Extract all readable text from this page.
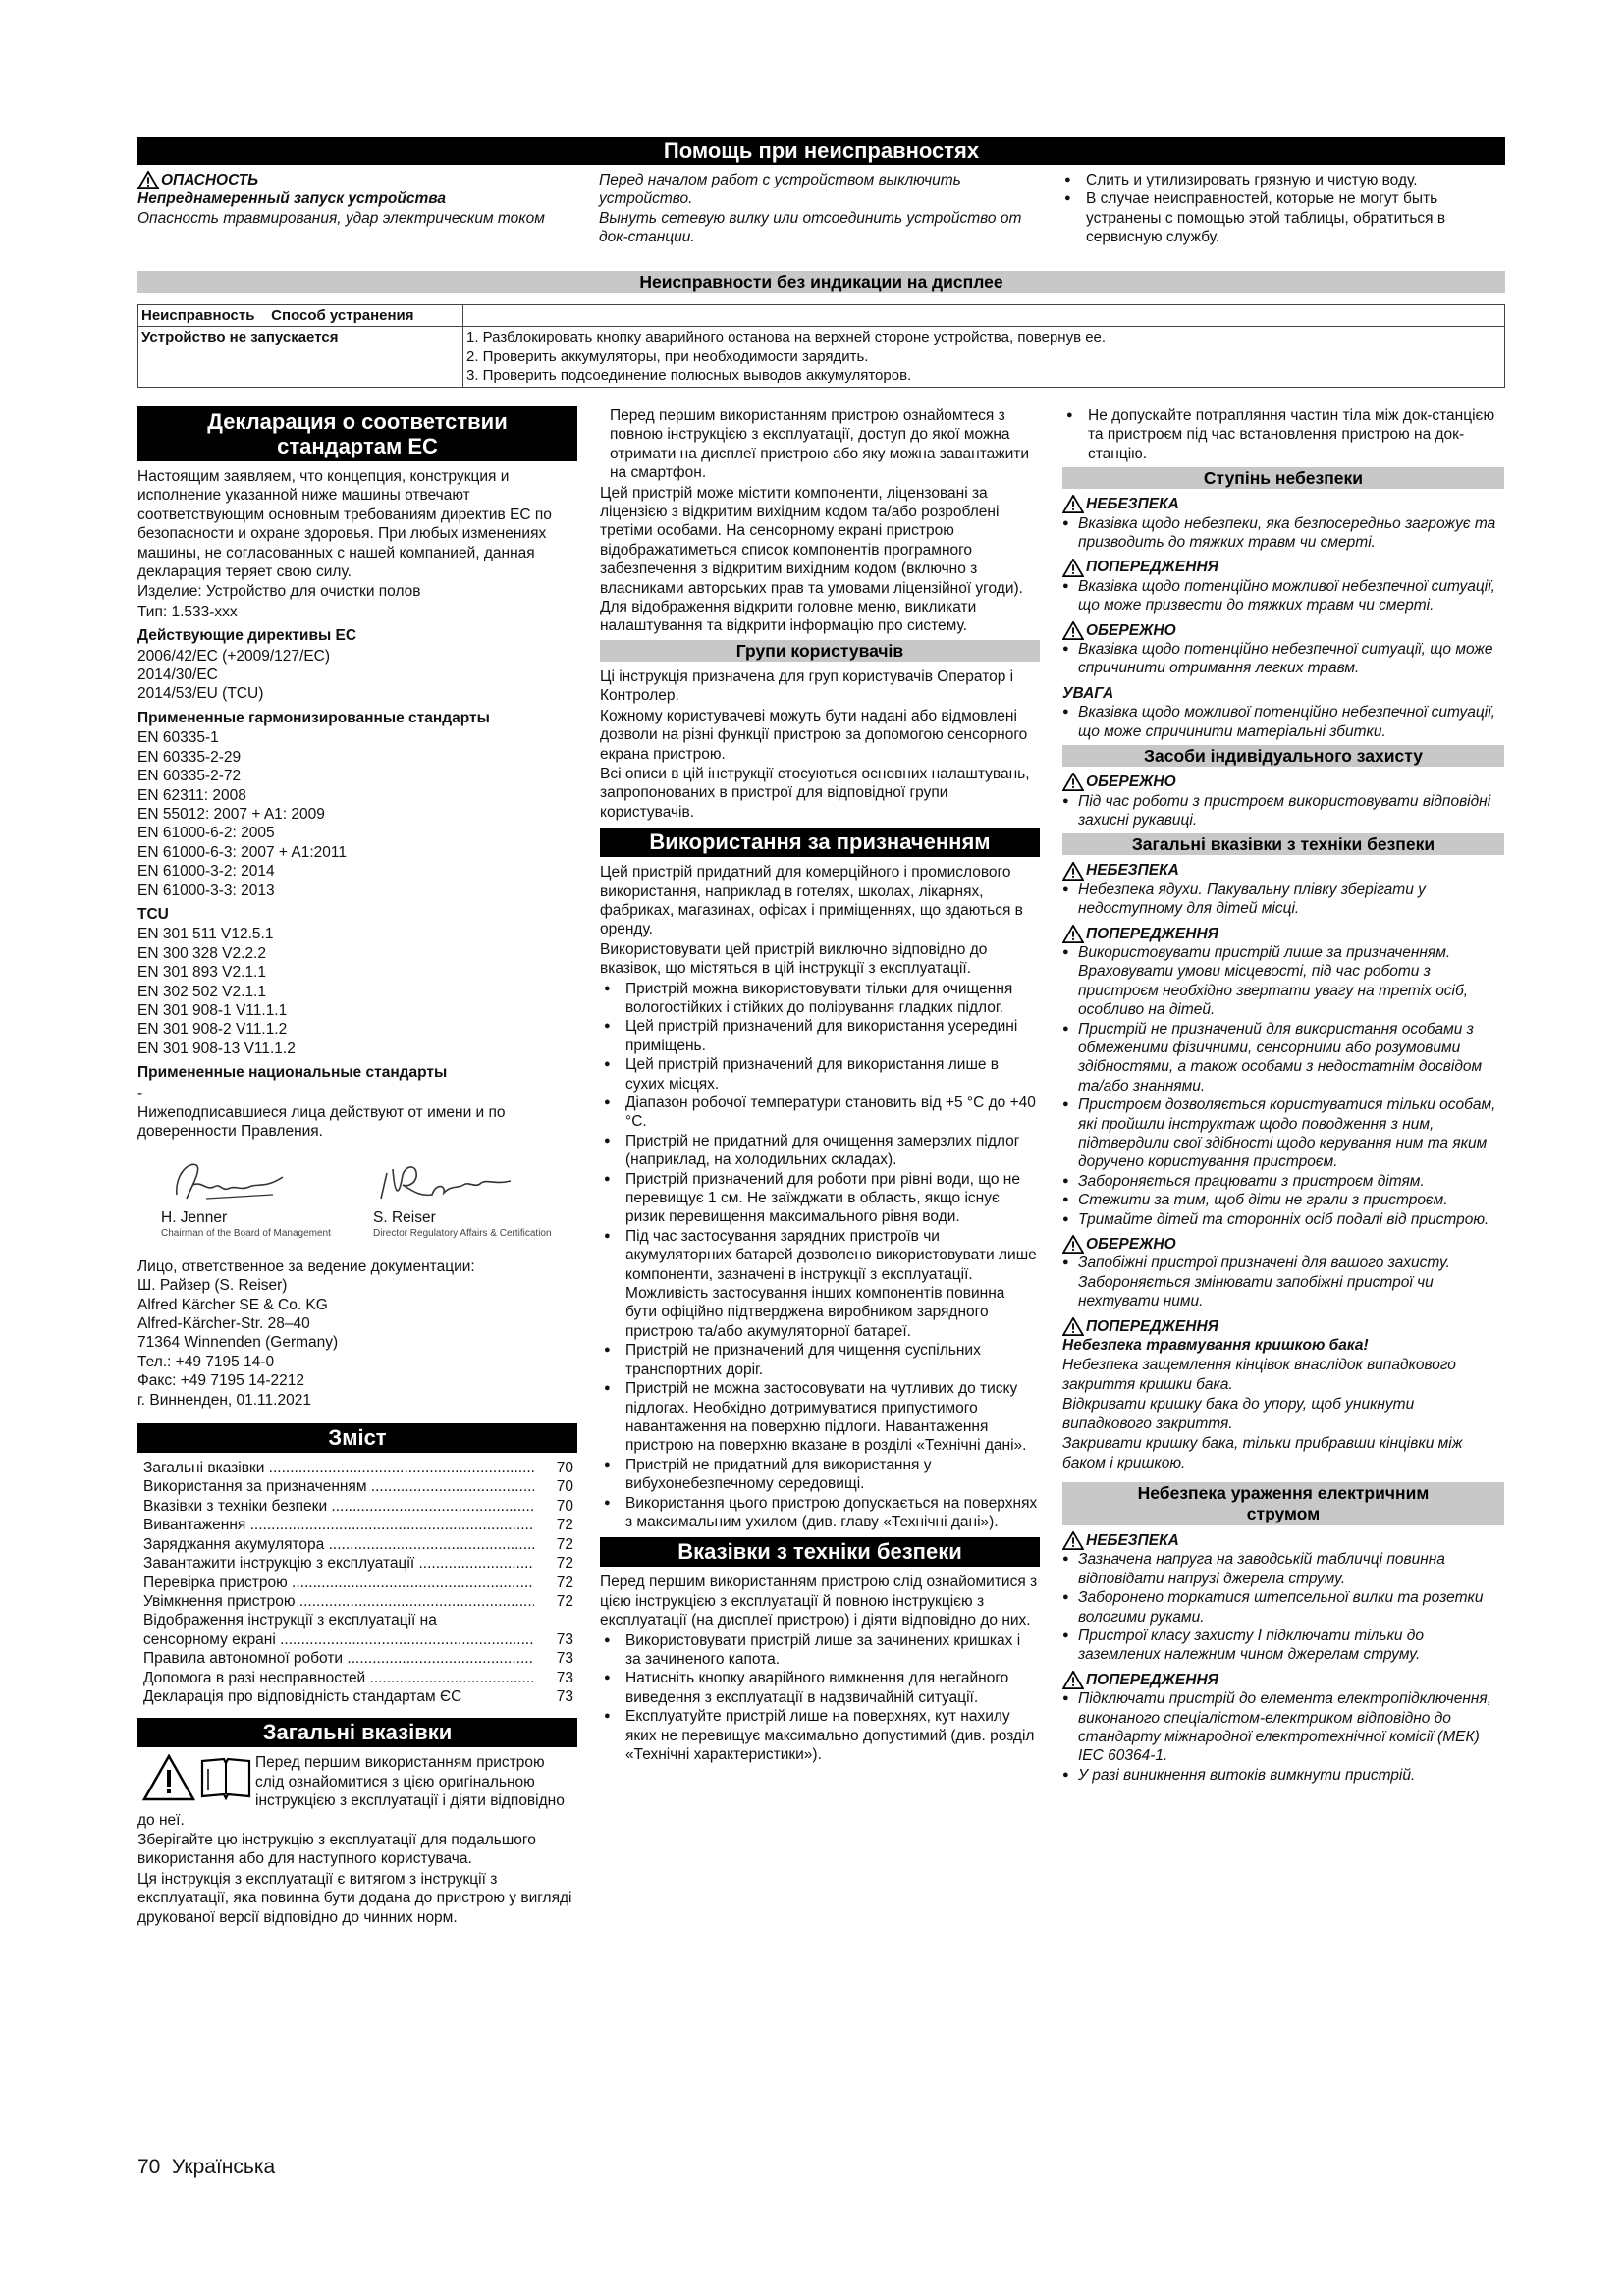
Помощь при неисправностях
ОПАСНОСТЬ
Непреднамеренный запуск устройства
Опасность травмирования, удар электрическим током
Перед началом работ с устройством выключить устройство.
Вынуть сетевую вилку или отсоединить устройство от док-станции.
● Слить и утилизировать грязную и чистую воду.
● В случае неисправностей, которые не могут быть устранены с помощью этой таблицы, обратиться в сервисную службу.
Неисправности без индикации на дисплее
Неисправность Способ устранения	
Устройство не запускается	1. Разблокировать кнопку аварийного останова на верхней стороне устройства, повернув ее.
2. Проверить аккумуляторы, при необходимости зарядить.
3. Проверить подсоединение полюсных выводов аккумуляторов.
Декларация о соответствии стандартам ЕС

Настоящим заявляем, что концепция, конструкция и исполнение указанной ниже машины отвечают соответствующим основным требованиям директив ЕС по безопасности и охране здоровья. При любых изменениях машины, не согласованных с нашей компанией, данная декларация теряет свою силу.

Изделие: Устройство для очистки полов

Тип: 1.533-xxx

Действующие директивы ЕС

2006/42/EC (+2009/127/EC)
2014/30/EC
2014/53/EU (TCU)

Примененные гармонизированные стандарты

EN 60335-1
EN 60335-2-29
EN 60335-2-72
EN 62311: 2008
EN 55012: 2007 + A1: 2009
EN 61000-6-2: 2005
EN 61000-6-3: 2007 + A1:2011
EN 61000-3-2: 2014
EN 61000-3-3: 2013

TCU

EN 301 511 V12.5.1
EN 300 328 V2.2.2
EN 301 893 V2.1.1
EN 302 502 V2.1.1
EN 301 908-1 V11.1.1
EN 301 908-2 V11.1.2
EN 301 908-13 V11.1.2

Примененные национальные стандарты

-

Нижеподписавшиеся лица действуют от имени и по доверенности Правления.

H. Jenner
Chairman of the Board of Management
S. Reiser
Director Regulatory Affairs & Certification
Лицо, ответственное за ведение документации:
Ш. Райзер (S. Reiser)
Alfred Kärcher SE & Co. KG
Alfred-Kärcher-Str. 28–40
71364 Winnenden (Germany)
Тел.: +49 7195 14-0
Факс: +49 7195 14-2212
г. Винненден, 01.11.2021
Зміст
Загальні вказівки .....	70
Використання за призначенням .....	70
Вказівки з техніки безпеки .....	70
Вивантаження .....	72
Заряджання акумулятора .....	72
Завантажити інструкцію з експлуатації .....	72
Перевірка пристрою .....	72
Увімкнення пристрою .....	72
Відображення інструкції з експлуатації на
сенсорному екрані .....	73
Правила автономної роботи .....	73
Допомога в разі несправностей .....	73
Декларація про відповідність стандартам ЄС	73
Загальні вказівки

Перед першим використанням пристрою слід ознайомитися з цією оригінальною інструкцією з експлуатації і діяти відповідно до неї.

Зберігайте цю інструкцію з експлуатації для подальшого використання або для наступного користувача.

Ця інструкція з експлуатації є витягом з інструкції з експлуатації, яка повинна бути додана до пристрою у вигляді друкованої версії відповідно до чинних норм.

Перед першим використанням пристрою ознайомтеся з повною інструкцією з експлуатації, доступ до якої можна отримати на дисплеї пристрою або яку можна завантажити на смартфон.

Цей пристрій може містити компоненти, ліцензовані за ліцензією з відкритим вихідним кодом та/або розроблені третіми особами. На сенсорному екрані пристрою відображатиметься список компонентів програмного забезпечення з відкритим вихідним кодом (включно з власниками авторських прав та умовами ліцензійної угоди). Для відображення відкрити головне меню, викликати налаштування та відкрити інформацію про систему.

Групи користувачів

Ці інструкція призначена для груп користувачів Оператор і Контролер.

Кожному користувачеві можуть бути надані або відмовлені дозволи на різні функції пристрою за допомогою сенсорного екрана пристрою.

Всі описи в цій інструкції стосуються основних налаштувань, запропонованих в пристрої для відповідної групи користувачів.

Використання за призначенням

Цей пристрій придатний для комерційного і промислового використання, наприклад в готелях, школах, лікарнях, фабриках, магазинах, офісах і приміщеннях, що здаються в оренду.

Використовувати цей пристрій виключно відповідно до вказівок, що містяться в цій інструкції з експлуатації.

● Пристрій можна використовувати тільки для очищення вологостійких і стійких до полірування гладких підлог.
● Цей пристрій призначений для використання усередині приміщень.
● Цей пристрій призначений для використання лише в сухих місцях.
● Діапазон робочої температури становить від +5 °С до +40 °С.
● Пристрій не придатний для очищення замерзлих підлог (наприклад, на холодильних складах).
● Пристрій призначений для роботи при рівні води, що не перевищує 1 см. Не заїжджати в область, якщо існує ризик перевищення максимального рівня води.
● Під час застосування зарядних пристроїв чи акумуляторних батарей дозволено використовувати лише компоненти, зазначені в інструкції з експлуатації. Можливість застосування інших компонентів повинна бути офіційно підтверджена виробником зарядного пристрою та/або акумуляторної батареї.
● Пристрій не призначений для чищення суспільних транспортних доріг.
● Пристрій не можна застосовувати на чутливих до тиску підлогах. Необхідно дотримуватися припустимого навантаження на поверхню підлоги. Навантаження пристрою на поверхню вказане в розділі «Технічні дані».
● Пристрій не придатний для використання у вибухонебезпечному середовищі.
● Використання цього пристрою допускається на поверхнях з максимальним ухилом (див. главу «Технічні дані»).
Вказівки з техніки безпеки

Перед першим використанням пристрою слід ознайомитися з цією інструкцією з експлуатації й повною інструкцією з експлуатації (на дисплеї пристрою) і діяти відповідно до них.

● Використовувати пристрій лише за зачинених кришках і за зачиненого капота.
● Натисніть кнопку аварійного вимкнення для негайного виведення з експлуатації в надзвичайній ситуації.
● Експлуатуйте пристрій лише на поверхнях, кут нахилу яких не перевищує максимально допустимий (див. розділ «Технічні характеристики»).
● Не допускайте потрапляння частин тіла між док-станцією та пристроєм під час встановлення пристрою на док-станцію.
Ступінь небезпеки
НЕБЕЗПЕКА
● Вказівка щодо небезпеки, яка безпосередньо загрожує та призводить до тяжких травм чи смерті.
ПОПЕРЕДЖЕННЯ
● Вказівка щодо потенційно можливої небезпечної ситуації, що може призвести до тяжких травм чи смерті.
ОБЕРЕЖНО
● Вказівка щодо потенційно небезпечної ситуації, що може спричинити отримання легких травм.
УВАГА
● Вказівка щодо можливої потенційно небезпечної ситуації, що може спричинити матеріальні збитки.
Засоби індивідуального захисту
ОБЕРЕЖНО
● Під час роботи з пристроєм використовувати відповідні захисні рукавиці.
Загальні вказівки з техніки безпеки
НЕБЕЗПЕКА
● Небезпека ядухи. Пакувальну плівку зберігати у недоступному для дітей місці.
ПОПЕРЕДЖЕННЯ
● Використовувати пристрій лише за призначенням. Враховувати умови місцевості, під час роботи з пристроєм необхідно звертати увагу на третіх осіб, особливо на дітей.
● Пристрій не призначений для використання особами з обмеженими фізичними, сенсорними або розумовими здібностями, а також особами з недостатнім досвідом та/або знаннями.
● Пристроєм дозволяється користуватися тільки особам, які пройшли інструктаж щодо поводження з ним, підтвердили свої здібності щодо керування ним та яким доручено користування пристроєм.
● Забороняється працювати з пристроєм дітям.
● Стежити за тим, щоб діти не грали з пристроєм.
● Тримайте дітей та сторонніх осіб подалі від пристрою.
ОБЕРЕЖНО
● Запобіжні пристрої призначені для вашого захисту. Забороняється змінювати запобіжні пристрої чи нехтувати ними.
ПОПЕРЕДЖЕННЯ

Небезпека травмування кришкою бака!

Небезпека защемлення кінцівок внаслідок випадкового закриття кришки бака.

Відкривати кришку бака до упору, щоб уникнути випадкового закриття.

Закривати кришку бака, тільки прибравши кінцівки між баком і кришкою.

Небезпека ураження електричним струмом
НЕБЕЗПЕКА
● Зазначена напруга на заводській табличці повинна відповідати напрузі джерела струму.
● Заборонено торкатися штепсельної вилки та розетки вологими руками.
● Пристрої класу захисту I підключати тільки до заземлених належним чином джерелам струму.
ПОПЕРЕДЖЕННЯ
● Підключати пристрій до елемента електропідключення, виконаного спеціалістом-електриком відповідно до стандарту міжнародної електротехнічної комісії (МЕК) IEC 60364-1.
● У разі виникнення витоків вимкнути пристрій.
70 Українська
